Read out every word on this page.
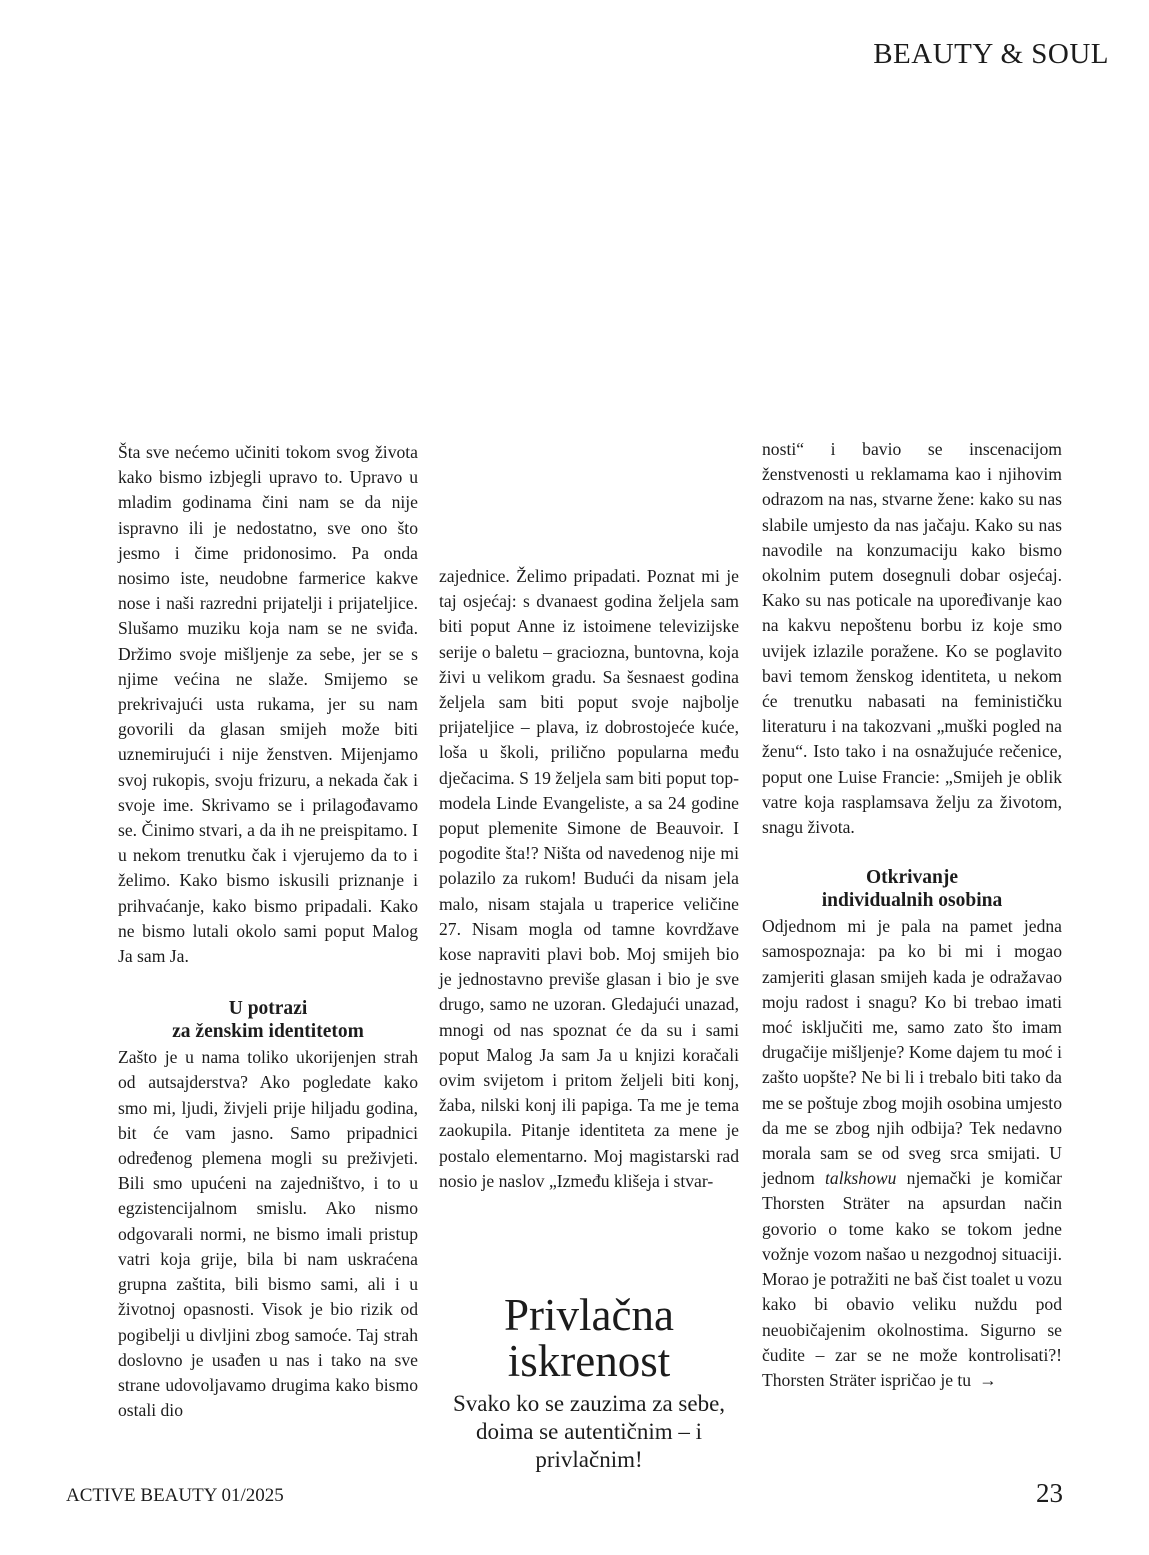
BEAUTY & SOUL

Šta sve nećemo učiniti tokom svog života kako bismo izbjegli upravo to. Upravo u mladim godinama čini nam se da nije ispravno ili je nedostatno, sve ono što jesmo i čime pridonosimo. Pa onda nosimo iste, neudobne farmerice kakve nose i naši razredni prijatelji i prijateljice. Slušamo muziku koja nam se ne sviđa. Držimo svoje mišljenje za sebe, jer se s njime većina ne slaže. Smijemo se prekrivajući usta rukama, jer su nam govorili da glasan smijeh može biti uznemirujući i nije ženstven. Mijenjamo svoj rukopis, svoju frizuru, a nekada čak i svoje ime. Skrivamo se i prilagođavamo se. Činimo stvari, a da ih ne preispitamo. I u nekom trenutku čak i vjerujemo da to i želimo. Kako bismo iskusili priznanje i prihvaćanje, kako bismo pripadali. Kako ne bismo lutali okolo sami poput Malog Ja sam Ja.

U potrazi
za ženskim identitetom

Zašto je u nama toliko ukorijenjen strah od autsajderstva? Ako pogledate kako smo mi, ljudi, živjeli prije hiljadu godina, bit će vam jasno. Samo pripadnici određenog plemena mogli su preživjeti. Bili smo upućeni na zajedništvo, i to u egzistencijalnom smislu. Ako nismo odgovarali normi, ne bismo imali pristup vatri koja grije, bila bi nam uskraćena grupna zaštita, bili bismo sami, ali i u životnoj opasnosti. Visok je bio rizik od pogibelji u divljini zbog samoće. Taj strah doslovno je usađen u nas i tako na sve strane udovoljavamo drugima kako bismo ostali dio

zajednice. Želimo pripadati. Poznat mi je taj osjećaj: s dvanaest godina željela sam biti poput Anne iz istoimene televizijske serije o baletu – graciozna, buntovna, koja živi u velikom gradu. Sa šesnaest godina željela sam biti poput svoje najbolje prijateljice – plava, iz dobrostojeće kuće, loša u školi, prilično popularna među dječacima. S 19 željela sam biti poput top-modela Linde Evangeliste, a sa 24 godine poput plemenite Simone de Beauvoir. I pogodite šta!? Ništa od navedenog nije mi polazilo za rukom! Budući da nisam jela malo, nisam stajala u traperice veličine 27. Nisam mogla od tamne kovrdžave kose napraviti plavi bob. Moj smijeh bio je jednostavno previše glasan i bio je sve drugo, samo ne uzoran. Gledajući unazad, mnogi od nas spoznat će da su i sami poput Malog Ja sam Ja u knjizi koračali ovim svijetom i pritom željeli biti konj, žaba, nilski konj ili papiga. Ta me je tema zaokupila. Pitanje identiteta za mene je postalo elementarno. Moj magistarski rad nosio je naslov „Između klišeja i stvar-

Privlačna
iskrenost
Svako ko se zauzima za sebe, doima se autentičnim – i privlačnim!

nosti“ i bavio se inscenacijom ženstvenosti u reklamama kao i njihovim odrazom na nas, stvarne žene: kako su nas slabile umjesto da nas jačaju. Kako su nas navodile na konzumaciju kako bismo okolnim putem dosegnuli dobar osjećaj. Kako su nas poticale na upoređivanje kao na kakvu nepoštenu borbu iz koje smo uvijek izlazile poražene. Ko se poglavito bavi temom ženskog identiteta, u nekom će trenutku nabasati na feminističku literaturu i na takozvani „muški pogled na ženu“. Isto tako i na osnažujuće rečenice, poput one Luise Francie: „Smijeh je oblik vatre koja rasplamsava želju za životom, snagu života.

Otkrivanje
individualnih osobina

Odjednom mi je pala na pamet jedna samospoznaja: pa ko bi mi i mogao zamjeriti glasan smijeh kada je odražavao moju radost i snagu? Ko bi trebao imati moć isključiti me, samo zato što imam drugačije mišljenje? Kome dajem tu moć i zašto uopšte? Ne bi li i trebalo biti tako da me se poštuje zbog mojih osobina umjesto da me se zbog njih odbija? Tek nedavno morala sam se od sveg srca smijati. U jednom talkshowu njemački je komičar Thorsten Sträter na apsurdan način govorio o tome kako se tokom jedne vožnje vozom našao u nezgodnoj situaciji. Morao je potražiti ne baš čist toalet u vozu kako bi obavio veliku nuždu pod neuobičajenim okolnostima. Sigurno se čudite – zar se ne može kontrolisati?! Thorsten Sträter ispričao je tu →

ACTIVE BEAUTY 01/2025	23
